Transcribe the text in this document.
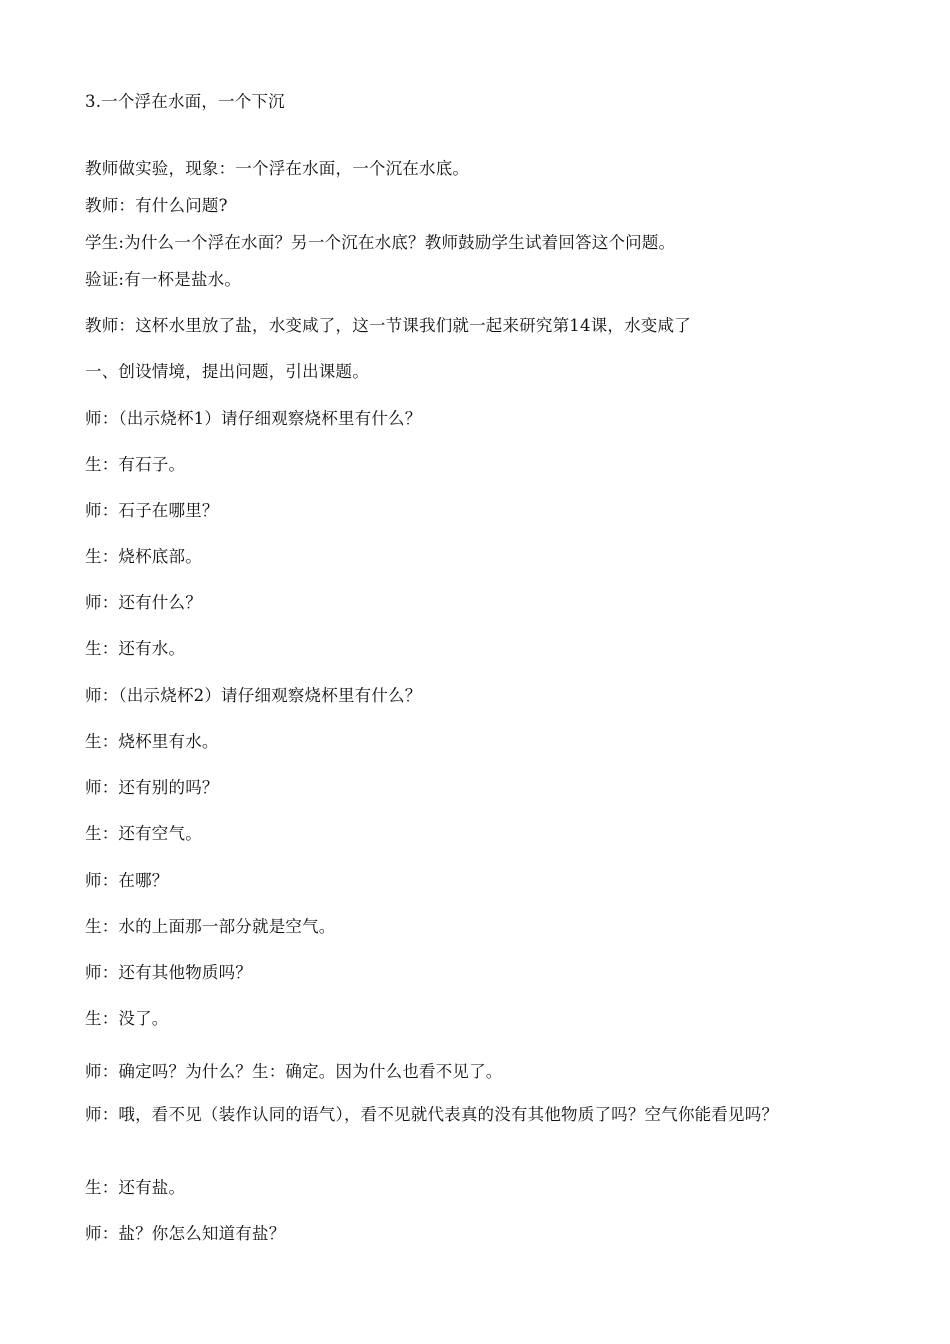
3.一个浮在水面，一个下沉
教师做实验，现象：一个浮在水面，一个沉在水底。
教师：有什么问题?
学生:为什么一个浮在水面？另一个沉在水底？教师鼓励学生试着回答这个问题。
验证:有一杯是盐水。
教师：这杯水里放了盐，水变咸了，这一节课我们就一起来研究第14课，水变咸了
一、创设情境，提出问题，引出课题。
师：（出示烧杯1）请仔细观察烧杯里有什么？
生：有石子。
师：石子在哪里？
生：烧杯底部。
师：还有什么？
生：还有水。
师：（出示烧杯2）请仔细观察烧杯里有什么？
生：烧杯里有水。
师：还有别的吗？
生：还有空气。
师：在哪？
生：水的上面那一部分就是空气。
师：还有其他物质吗？
生：没了。
师：确定吗？为什么？生：确定。因为什么也看不见了。
师：哦，看不见（装作认同的语气），看不见就代表真的没有其他物质了吗？空气你能看见吗？
生：还有盐。
师：盐？你怎么知道有盐？
